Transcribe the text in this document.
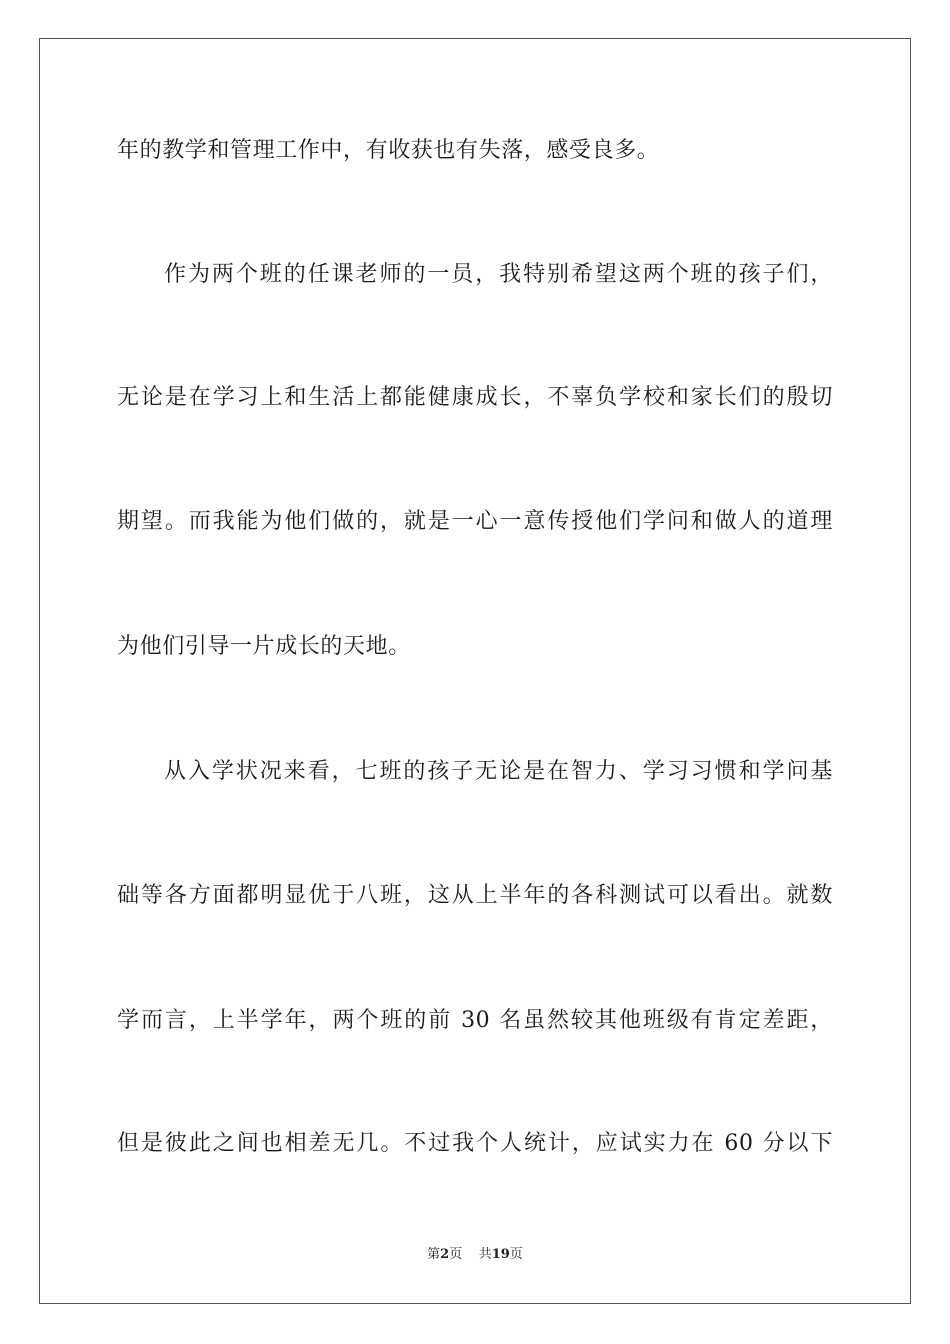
年的教学和管理工作中，有收获也有失落，感受良多。
作为两个班的任课老师的一员，我特别希望这两个班的孩子们，
无论是在学习上和生活上都能健康成长，不辜负学校和家长们的殷切
期望。而我能为他们做的，就是一心一意传授他们学问和做人的道理
为他们引导一片成长的天地。
从入学状况来看，七班的孩子无论是在智力、学习习惯和学问基
础等各方面都明显优于八班，这从上半年的各科测试可以看出。就数
学而言，上半学年，两个班的前 30 名虽然较其他班级有肯定差距，
但是彼此之间也相差无几。不过我个人统计，应试实力在 60 分以下
第2页 共19页
